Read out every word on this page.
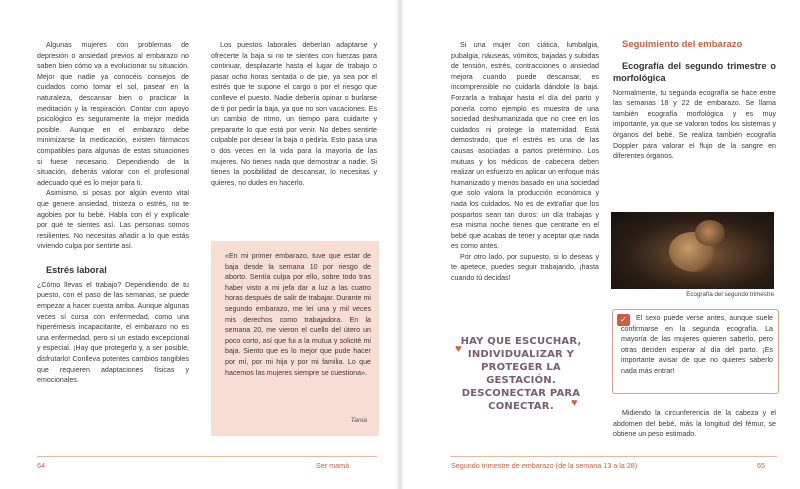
Algunas mujeres con problemas de depresión o ansiedad previos al embarazo no saben bien cómo va a evolucionar su situación. Mejor que nadie ya conocéis consejos de cuidados como tomar el sol, pasear en la naturaleza, descansar bien o practicar la meditación y la respiración. Contar con apoyo psicológico es seguramente la mejor medida posible. Aunque en el embarazo debe minimizarse la medicación, existen fármacos compatibles para algunas de estas situaciones si fuese necesario. Dependiendo de la situación, deberás valorar con el profesional adecuado qué es lo mejor para ti.

Asimismo, si posas por algún evento vital que genere ansiedad, tristeza o estrés, no te agobies por tu bebé. Habla con él y explícale por qué te sientes así. Las personas somos resilientes. No necesitas añadir a lo que estás viviendo culpa por sentirte así.

Estrés laboral

¿Cómo llevas el trabajo? Dependiendo de tu puesto, con el paso de las semanas, se puede empezar a hacer cuesta arriba. Aunque algunas veces sí cursa con enfermedad, como una hiperémesis incapacitante, el embarazo no es una enfermedad, pero sí un estado excepcional y especial. ¡Hay que protegerlo y, a ser posible, disfrutarlo! Conlleva potentes cambios tangibles que requieren adaptaciones físicas y emocionales.

Los puestos laborales deberían adaptarse y ofrecerte la baja si no te sientes con fuerzas para continuar, desplazarte hasta el lugar de trabajo o pasar ocho horas sentada o de pie, ya sea por el estrés que te supone el cargo o por el riesgo que conlleve el puesto. Nadie debería opinar o burlarse de ti por pedir la baja, ya que no son vacaciones. Es un cambio de ritmo, un tiempo para cuidarte y prepararte lo que está por venir. No debes sentirte culpable por desear la baja o pedirla. Esto pasa una o dos veces en la vida para la mayoría de las mujeres. No tienes nada que demostrar a nadie. Si tienes la posibilidad de descansar, lo necesitas y quieres, no dudes en hacerlo.

«En mi primer embarazo, tuve que estar de baja desde la semana 10 por riesgo de aborto. Sentía culpa por ello, sobre todo tras haber visto a mi jefa dar a luz a las cuatro horas después de salir de trabajar. Durante mi segundo embarazo, me leí una y mil veces mis derechos como trabajadora. En la semana 20, me vieron el cuello del útero un poco corto, así que fui a la mutua y solicité mi baja. Siento que es lo mejor que pude hacer por mí, por mi hija y por mi familia. Lo que hacemos las mujeres siempre se cuestiona».
Tania
64	Ser mamá

Si una mujer con ciática, lumbalgia, pubalgia, náuseas, vómitos, bajadas y subidas de tensión, estrés, contracciones o ansiedad mejora cuando puede descansar, es incomprensible no cuidarla dándole la baja. Forzarla a trabajar hasta el día del parto y ponerla como ejemplo es muestra de una sociedad deshumanizada que no cree en los cuidados ni protege la maternidad. Está demostrado, que el estrés es una de las causas asociadas a partos pretérmino. Los mutuas y los médicos de cabecera deben realizar un esfuerzo en aplicar un enfoque más humanizado y menos basado en una sociedad que solo valora la producción económica y nada los cuidados. No es de extrañar que los pospartos sean tan duros: un día trabajas y esa misma noche tienes que centrarte en el bebé que acabas de tener y aceptar que nada es como antes.

Por otro lado, por supuesto, si lo deseas y te apetece, puedes seguir trabajando, ¡hasta cuando tú decidas!

♥
HAY QUE ESCUCHAR, INDIVIDUALIZAR Y PROTEGER LA GESTACIÓN. DESCONECTAR PARA CONECTAR.	♥

Seguimiento del embarazo

Ecografía del segundo trimestre o morfológica

Normalmente, tu segunda ecografía se hace entre las semanas 18 y 22 de embarazo. Se llama también ecografía morfológica y es muy importante, ya que se valoran todos los sistemas y órganos del bebé. Se realiza también ecografía Doppler para valorar el flujo de la sangre en diferentes órganos.

Ecografía del segundo trimestre
✓	El sexo puede verse antes, aunque suele confirmarse en la segunda ecografía. La mayoría de las mujeres quieren saberlo, pero otras deciden esperar al día del parto. ¡Es importante avisar de que no quieres saberlo nada más entrar!

Midiendo la circunferencia de la cabeza y el abdomen del bebé, más la longitud del fémur, se obtiene un peso estimado.

Segundo trimestre de embarazo (de la semana 13 a la 28)	65
